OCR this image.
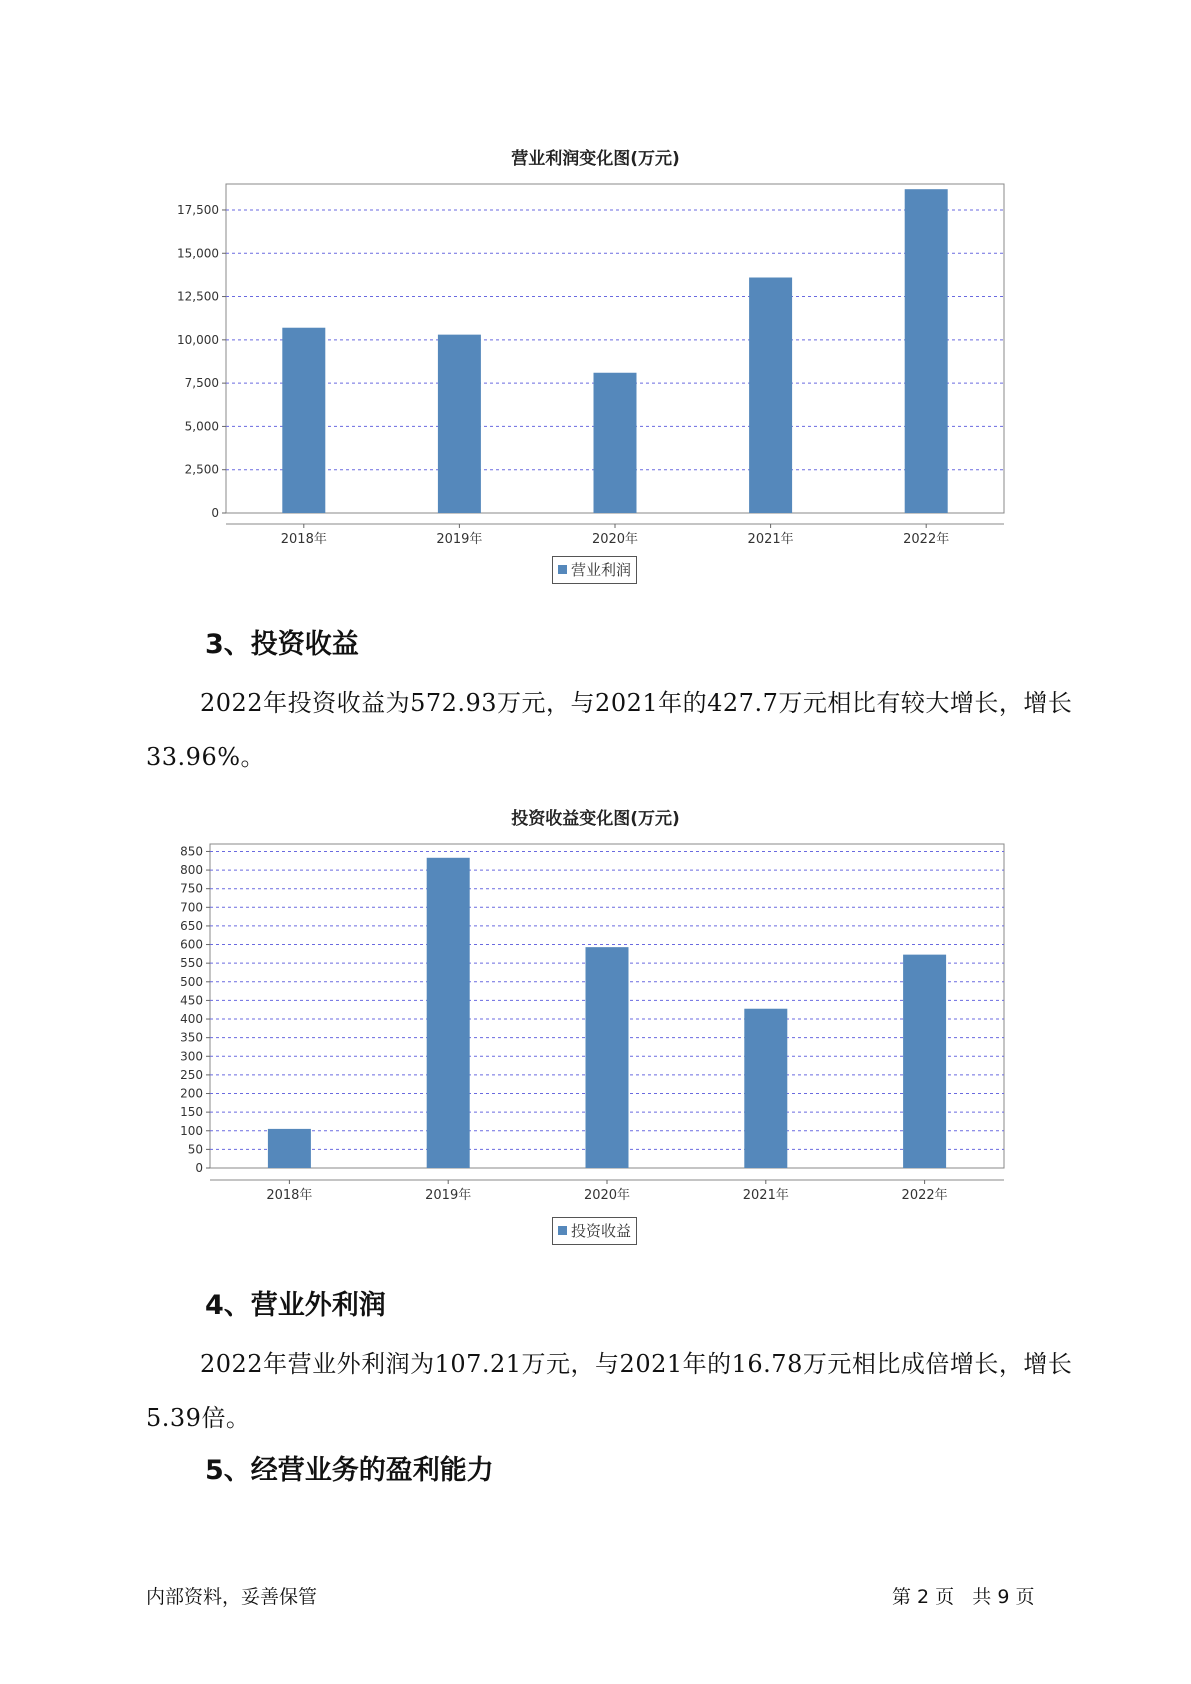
营业利润变化图(万元)
0
2,500
5,000
7,500
10,000
12,500
15,000
17,500
2018年	2019年	2020年	2021年	2022年
营业利润
3、投资收益
2022年投资收益为572.93万元，与2021年的427.7万元相比有较大增长，增长33.96%。
投资收益变化图(万元)
0
50
100
150
200
250
300
350
400
450
500
550
600
650
700
750
800
850
2018年	2019年	2020年	2021年	2022年
投资收益
4、营业外利润
2022年营业外利润为107.21万元，与2021年的16.78万元相比成倍增长，增长5.39倍。
5、经营业务的盈利能力
内部资料，妥善保管	第 2 页   共 9 页
